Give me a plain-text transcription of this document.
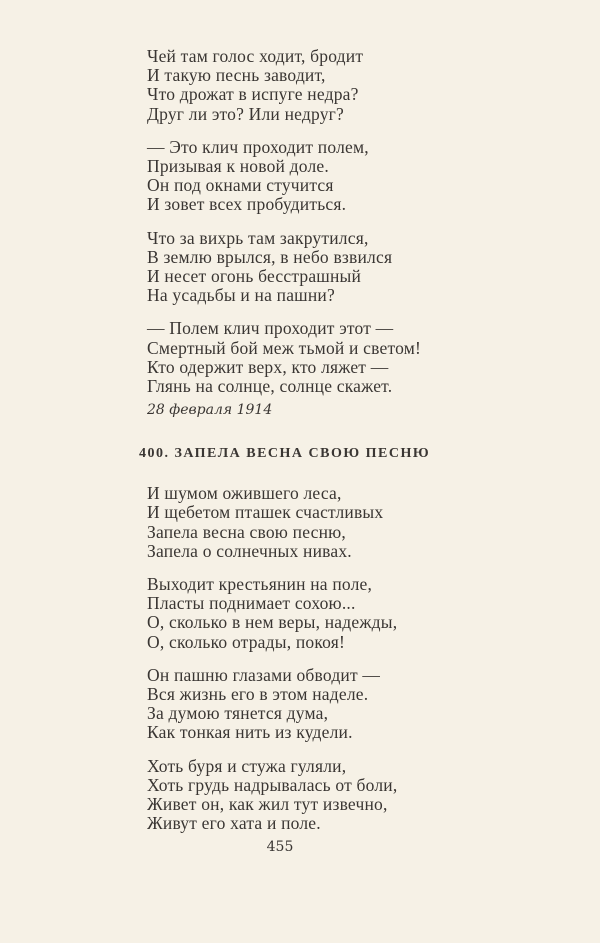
Чей там голос ходит, бродит
И такую песнь заводит,
Что дрожат в испуге недра?
Друг ли это? Или недруг?
— Это клич проходит полем,
Призывая к новой доле.
Он под окнами стучится
И зовет всех пробудиться.
Что за вихрь там закрутился,
В землю врылся, в небо взвился
И несет огонь бесстрашный
На усадьбы и на пашни?
— Полем клич проходит этот —
Смертный бой меж тьмой и светом!
Кто одержит верх, кто ляжет —
Глянь на солнце, солнце скажет.
28 февраля 1914
400. ЗАПЕЛА ВЕСНА СВОЮ ПЕСНЮ
И шумом ожившего леса,
И щебетом пташек счастливых
Запела весна свою песню,
Запела о солнечных нивах.
Выходит крестьянин на поле,
Пласты поднимает сохою...
О, сколько в нем веры, надежды,
О, сколько отрады, покоя!
Он пашню глазами обводит —
Вся жизнь его в этом наделе.
За думою тянется дума,
Как тонкая нить из кудели.
Хоть буря и стужа гуляли,
Хоть грудь надрывалась от боли,
Живет он, как жил тут извечно,
Живут его хата и поле.
455
